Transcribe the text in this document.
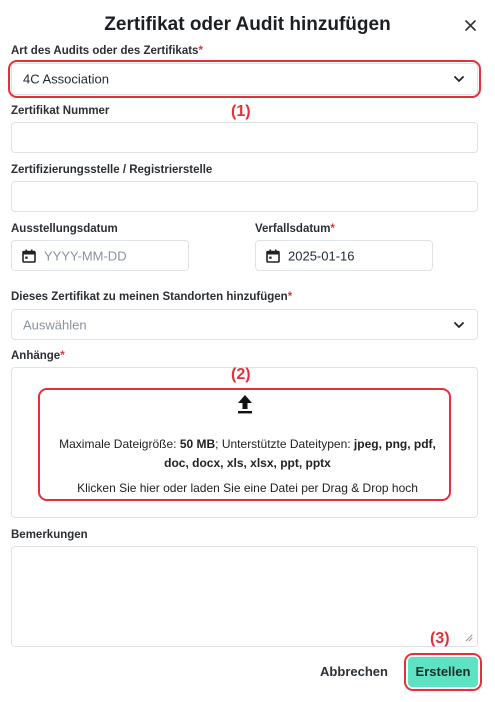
Zertifikat oder Audit hinzufügen
Art des Audits oder des Zertifikats*
4C Association
(1)
Zertifikat Nummer
Zertifizierungsstelle / Registrierstelle
Ausstellungsdatum
YYYY-MM-DD
Verfallsdatum*
2025-01-16
Dieses Zertifikat zu meinen Standorten hinzufügen*
Auswählen
Anhänge*
Maximale Dateigröße: 50 MB; Unterstützte Dateitypen: jpeg, png, pdf,
doc, docx, xls, xlsx, ppt, pptx
Klicken Sie hier oder laden Sie eine Datei per Drag & Drop hoch
(2)
Bemerkungen
Abbrechen	Erstellen
(3)
